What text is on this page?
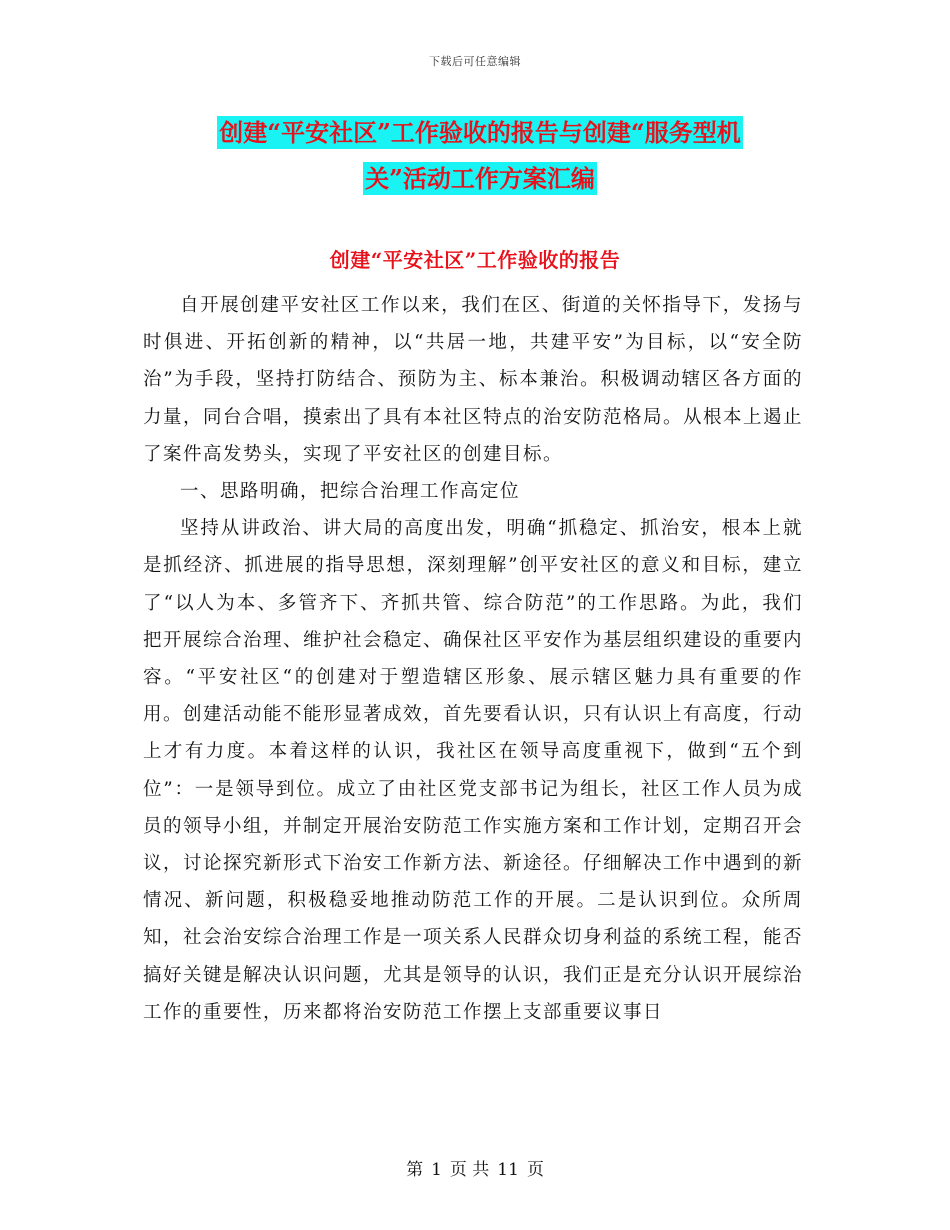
下载后可任意编辑
创建“平安社区”工作验收的报告与创建“服务型机
关”活动工作方案汇编
创建“平安社区”工作验收的报告

自开展创建平安社区工作以来，我们在区、街道的关怀指导下，发扬与时俱进、开拓创新的精神，以“共居一地，共建平安”为目标，以“安全防治”为手段，坚持打防结合、预防为主、标本兼治。积极调动辖区各方面的力量，同台合唱，摸索出了具有本社区特点的治安防范格局。从根本上遏止了案件高发势头，实现了平安社区的创建目标。

一、思路明确，把综合治理工作高定位

坚持从讲政治、讲大局的高度出发，明确“抓稳定、抓治安，根本上就是抓经济、抓进展的指导思想，深刻理解”创平安社区的意义和目标，建立了“以人为本、多管齐下、齐抓共管、综合防范”的工作思路。为此，我们把开展综合治理、维护社会稳定、确保社区平安作为基层组织建设的重要内容。“平安社区“的创建对于塑造辖区形象、展示辖区魅力具有重要的作用。创建活动能不能形显著成效，首先要看认识，只有认识上有高度，行动上才有力度。本着这样的认识，我社区在领导高度重视下，做到“五个到位”：一是领导到位。成立了由社区党支部书记为组长，社区工作人员为成员的领导小组，并制定开展治安防范工作实施方案和工作计划，定期召开会议，讨论探究新形式下治安工作新方法、新途径。仔细解决工作中遇到的新情况、新问题，积极稳妥地推动防范工作的开展。二是认识到位。众所周知，社会治安综合治理工作是一项关系人民群众切身利益的系统工程，能否搞好关键是解决认识问题，尤其是领导的认识，我们正是充分认识开展综治工作的重要性，历来都将治安防范工作摆上支部重要议事日

第 1 页 共 11 页
